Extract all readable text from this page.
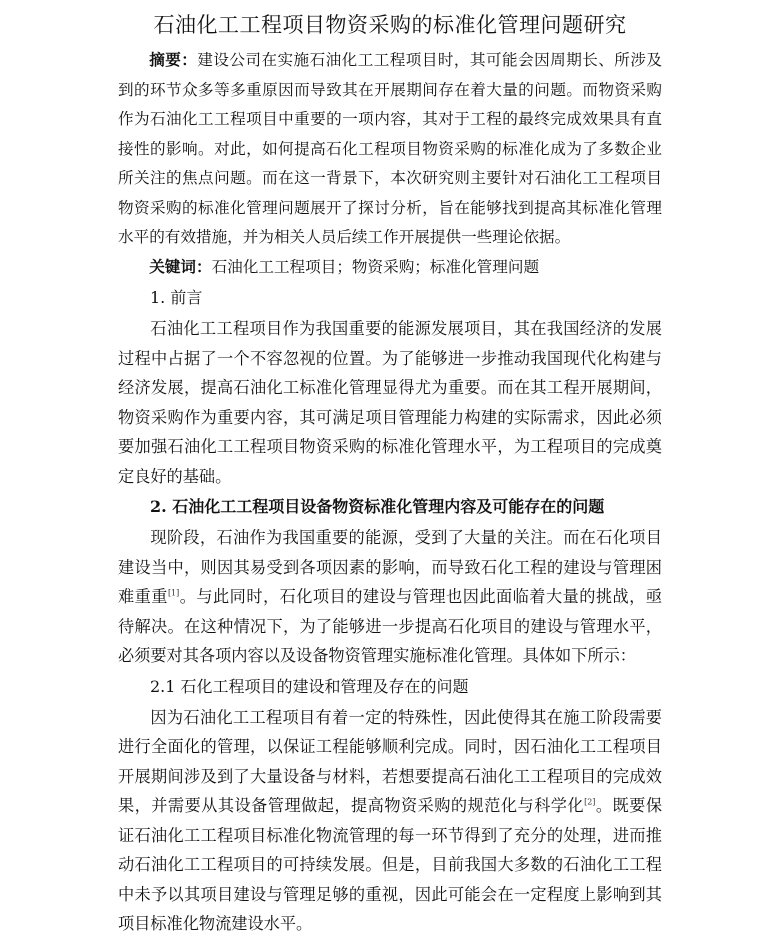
石油化工工程项目物资采购的标准化管理问题研究

摘要：建设公司在实施石油化工工程项目时，其可能会因周期长、所涉及到的环节众多等多重原因而导致其在开展期间存在着大量的问题。而物资采购作为石油化工工程项目中重要的一项内容，其对于工程的最终完成效果具有直接性的影响。对此，如何提高石化工程项目物资采购的标准化成为了多数企业所关注的焦点问题。而在这一背景下，本次研究则主要针对石油化工工程项目物资采购的标准化管理问题展开了探讨分析，旨在能够找到提高其标准化管理水平的有效措施，并为相关人员后续工作开展提供一些理论依据。

关键词：石油化工工程项目；物资采购；标准化管理问题

1. 前言

石油化工工程项目作为我国重要的能源发展项目，其在我国经济的发展过程中占据了一个不容忽视的位置。为了能够进一步推动我国现代化构建与经济发展，提高石油化工标准化管理显得尤为重要。而在其工程开展期间，物资采购作为重要内容，其可满足项目管理能力构建的实际需求，因此必须要加强石油化工工程项目物资采购的标准化管理水平，为工程项目的完成奠定良好的基础。

2. 石油化工工程项目设备物资标准化管理内容及可能存在的问题

现阶段，石油作为我国重要的能源，受到了大量的关注。而在石化项目建设当中，则因其易受到各项因素的影响，而导致石化工程的建设与管理困难重重[1]。与此同时，石化项目的建设与管理也因此面临着大量的挑战，亟待解决。在这种情况下，为了能够进一步提高石化项目的建设与管理水平，必须要对其各项内容以及设备物资管理实施标准化管理。具体如下所示：

2.1 石化工程项目的建设和管理及存在的问题

因为石油化工工程项目有着一定的特殊性，因此使得其在施工阶段需要进行全面化的管理，以保证工程能够顺利完成。同时，因石油化工工程项目开展期间涉及到了大量设备与材料，若想要提高石油化工工程项目的完成效果，并需要从其设备管理做起，提高物资采购的规范化与科学化[2]。既要保证石油化工工程项目标准化物流管理的每一环节得到了充分的处理，进而推动石油化工工程项目的可持续发展。但是，目前我国大多数的石油化工工程中未予以其项目建设与管理足够的重视，因此可能会在一定程度上影响到其项目标准化物流建设水平。
